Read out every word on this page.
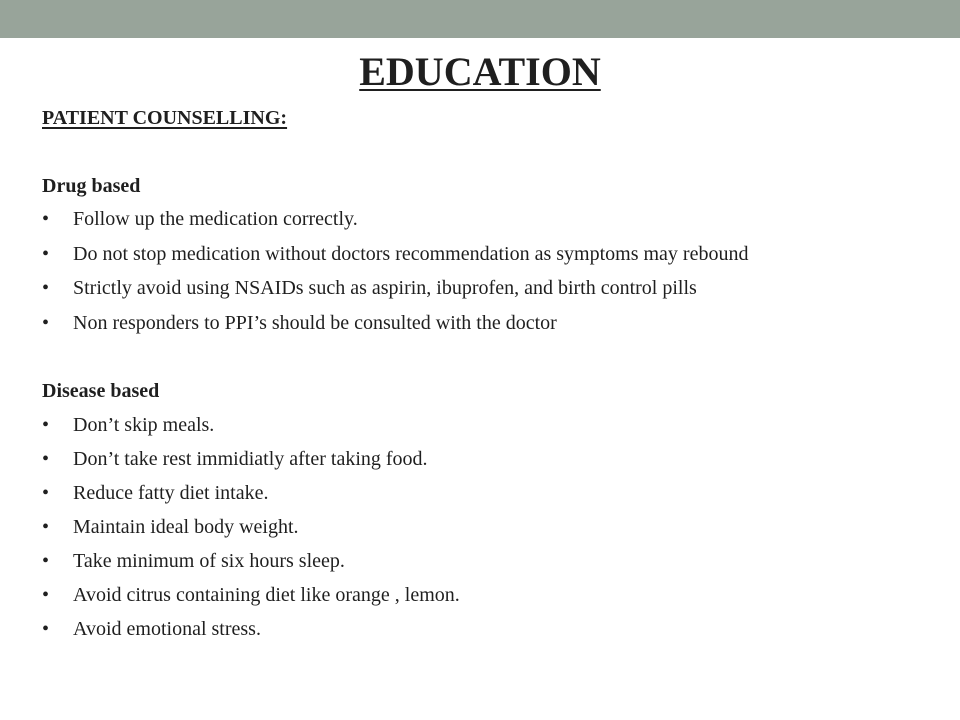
EDUCATION
PATIENT COUNSELLING:
Drug based
• Follow up the medication correctly.
• Do not stop medication without doctors recommendation as symptoms may rebound
• Strictly avoid using NSAIDs such as aspirin, ibuprofen, and birth control pills
• Non responders to PPI’s should be consulted with the doctor
Disease based
• Don’t skip meals.
• Don’t take rest immidiatly after taking food.
• Reduce fatty diet intake.
• Maintain ideal body weight.
• Take minimum of six hours sleep.
• Avoid citrus containing diet like orange , lemon.
• Avoid emotional stress.
